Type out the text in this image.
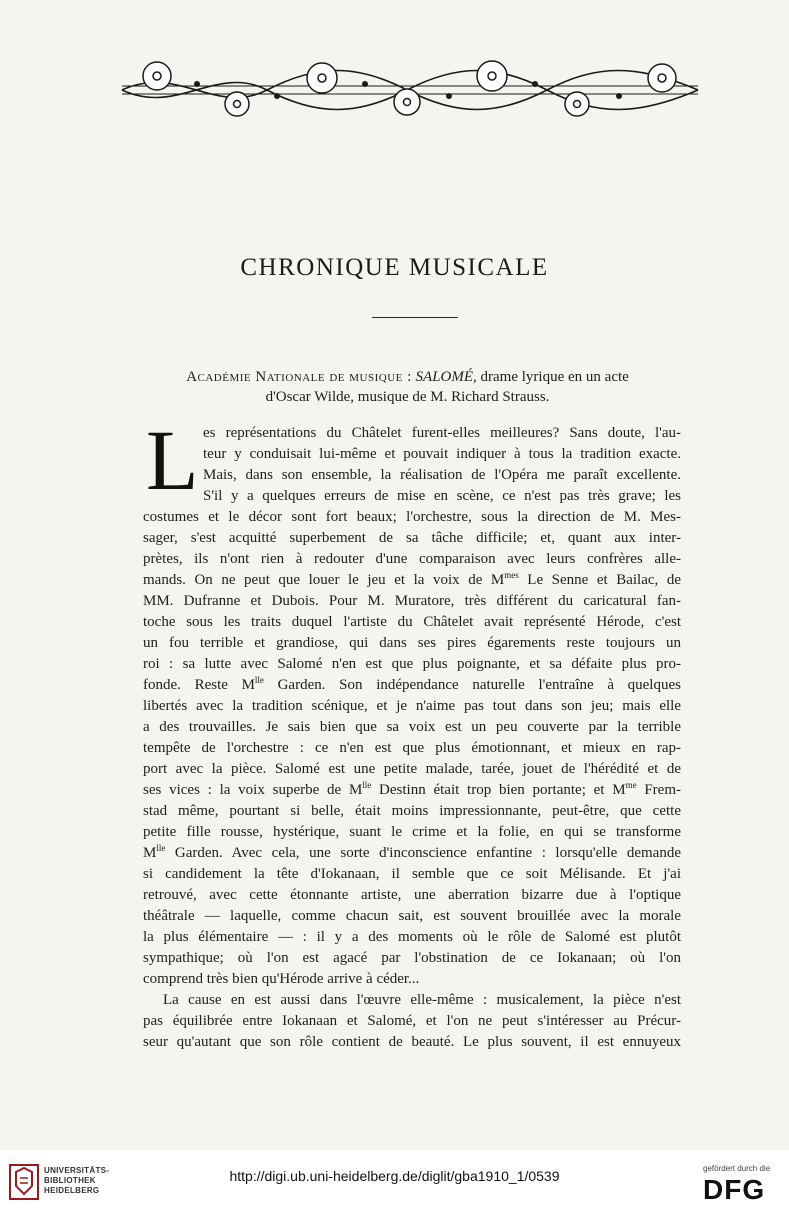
CHRONIQUE MUSICALE
Académie Nationale de musique : SALOMÉ, drame lyrique en un acte
d'Oscar Wilde, musique de M. Richard Strauss.
L es représentations du Châtelet furent-elles meilleures? Sans doute, l'au-
teur y conduisait lui-même et pouvait indiquer à tous la tradition exacte.
Mais, dans son ensemble, la réalisation de l'Opéra me paraît excellente.
S'il y a quelques erreurs de mise en scène, ce n'est pas très grave; les
costumes et le décor sont fort beaux; l'orchestre, sous la direction de M. Mes-
sager, s'est acquitté superbement de sa tâche difficile; et, quant aux inter-
prètes, ils n'ont rien à redouter d'une comparaison avec leurs confrères alle-
mands. On ne peut que louer le jeu et la voix de $M^{mes}$ Le Senne et Bailac, de
MM. Dufranne et Dubois. Pour M. Muratore, très différent du caricatural fan-
toche sous les traits duquel l'artiste du Châtelet avait représenté Hérode, c'est
un fou terrible et grandiose, qui dans ses pires égarements reste toujours un
roi : sa lutte avec Salomé n'en est que plus poignante, et sa défaite plus pro-
fonde. Reste $M^{lle}$ Garden. Son indépendance naturelle l'entraîne à quelques
libertés avec la tradition scénique, et je n'aime pas tout dans son jeu; mais elle
a des trouvailles. Je sais bien que sa voix est un peu couverte par la terrible
tempête de l'orchestre : ce n'en est que plus émotionnant, et mieux en rap-
port avec la pièce. Salomé est une petite malade, tarée, jouet de l'hérédité et de
ses vices : la voix superbe de $M^{lle}$ Destinn était trop bien portante; et $M^{me}$ Frem-
stad même, pourtant si belle, était moins impressionnante, peut-être, que cette
petite fille rousse, hystérique, suant le crime et la folie, en qui se transforme
$M^{lle}$ Garden. Avec cela, une sorte d'inconscience enfantine : lorsqu'elle demande
si candidement la tête d'Iokanaan, il semble que ce soit Mélisande. Et j'ai
retrouvé, avec cette étonnante artiste, une aberration bizarre due à l'optique
théâtrale — laquelle, comme chacun sait, est souvent brouillée avec la morale
la plus élémentaire — : il y a des moments où le rôle de Salomé est plutôt
sympathique; où l'on est agacé par l'obstination de ce Iokanaan; où l'on
comprend très bien qu'Hérode arrive à céder...
La cause en est aussi dans l'œuvre elle-même : musicalement, la pièce n'est
pas équilibrée entre Iokanaan et Salomé, et l'on ne peut s'intéresser au Précur-
seur qu'autant que son rôle contient de beauté. Le plus souvent, il est ennuyeux
UNIVERSITÄTS-
BIBLIOTHEK
HEIDELBERG
http://digi.ub.uni-heidelberg.de/diglit/gba1910_1/0539	gefördert durch die
DFG
